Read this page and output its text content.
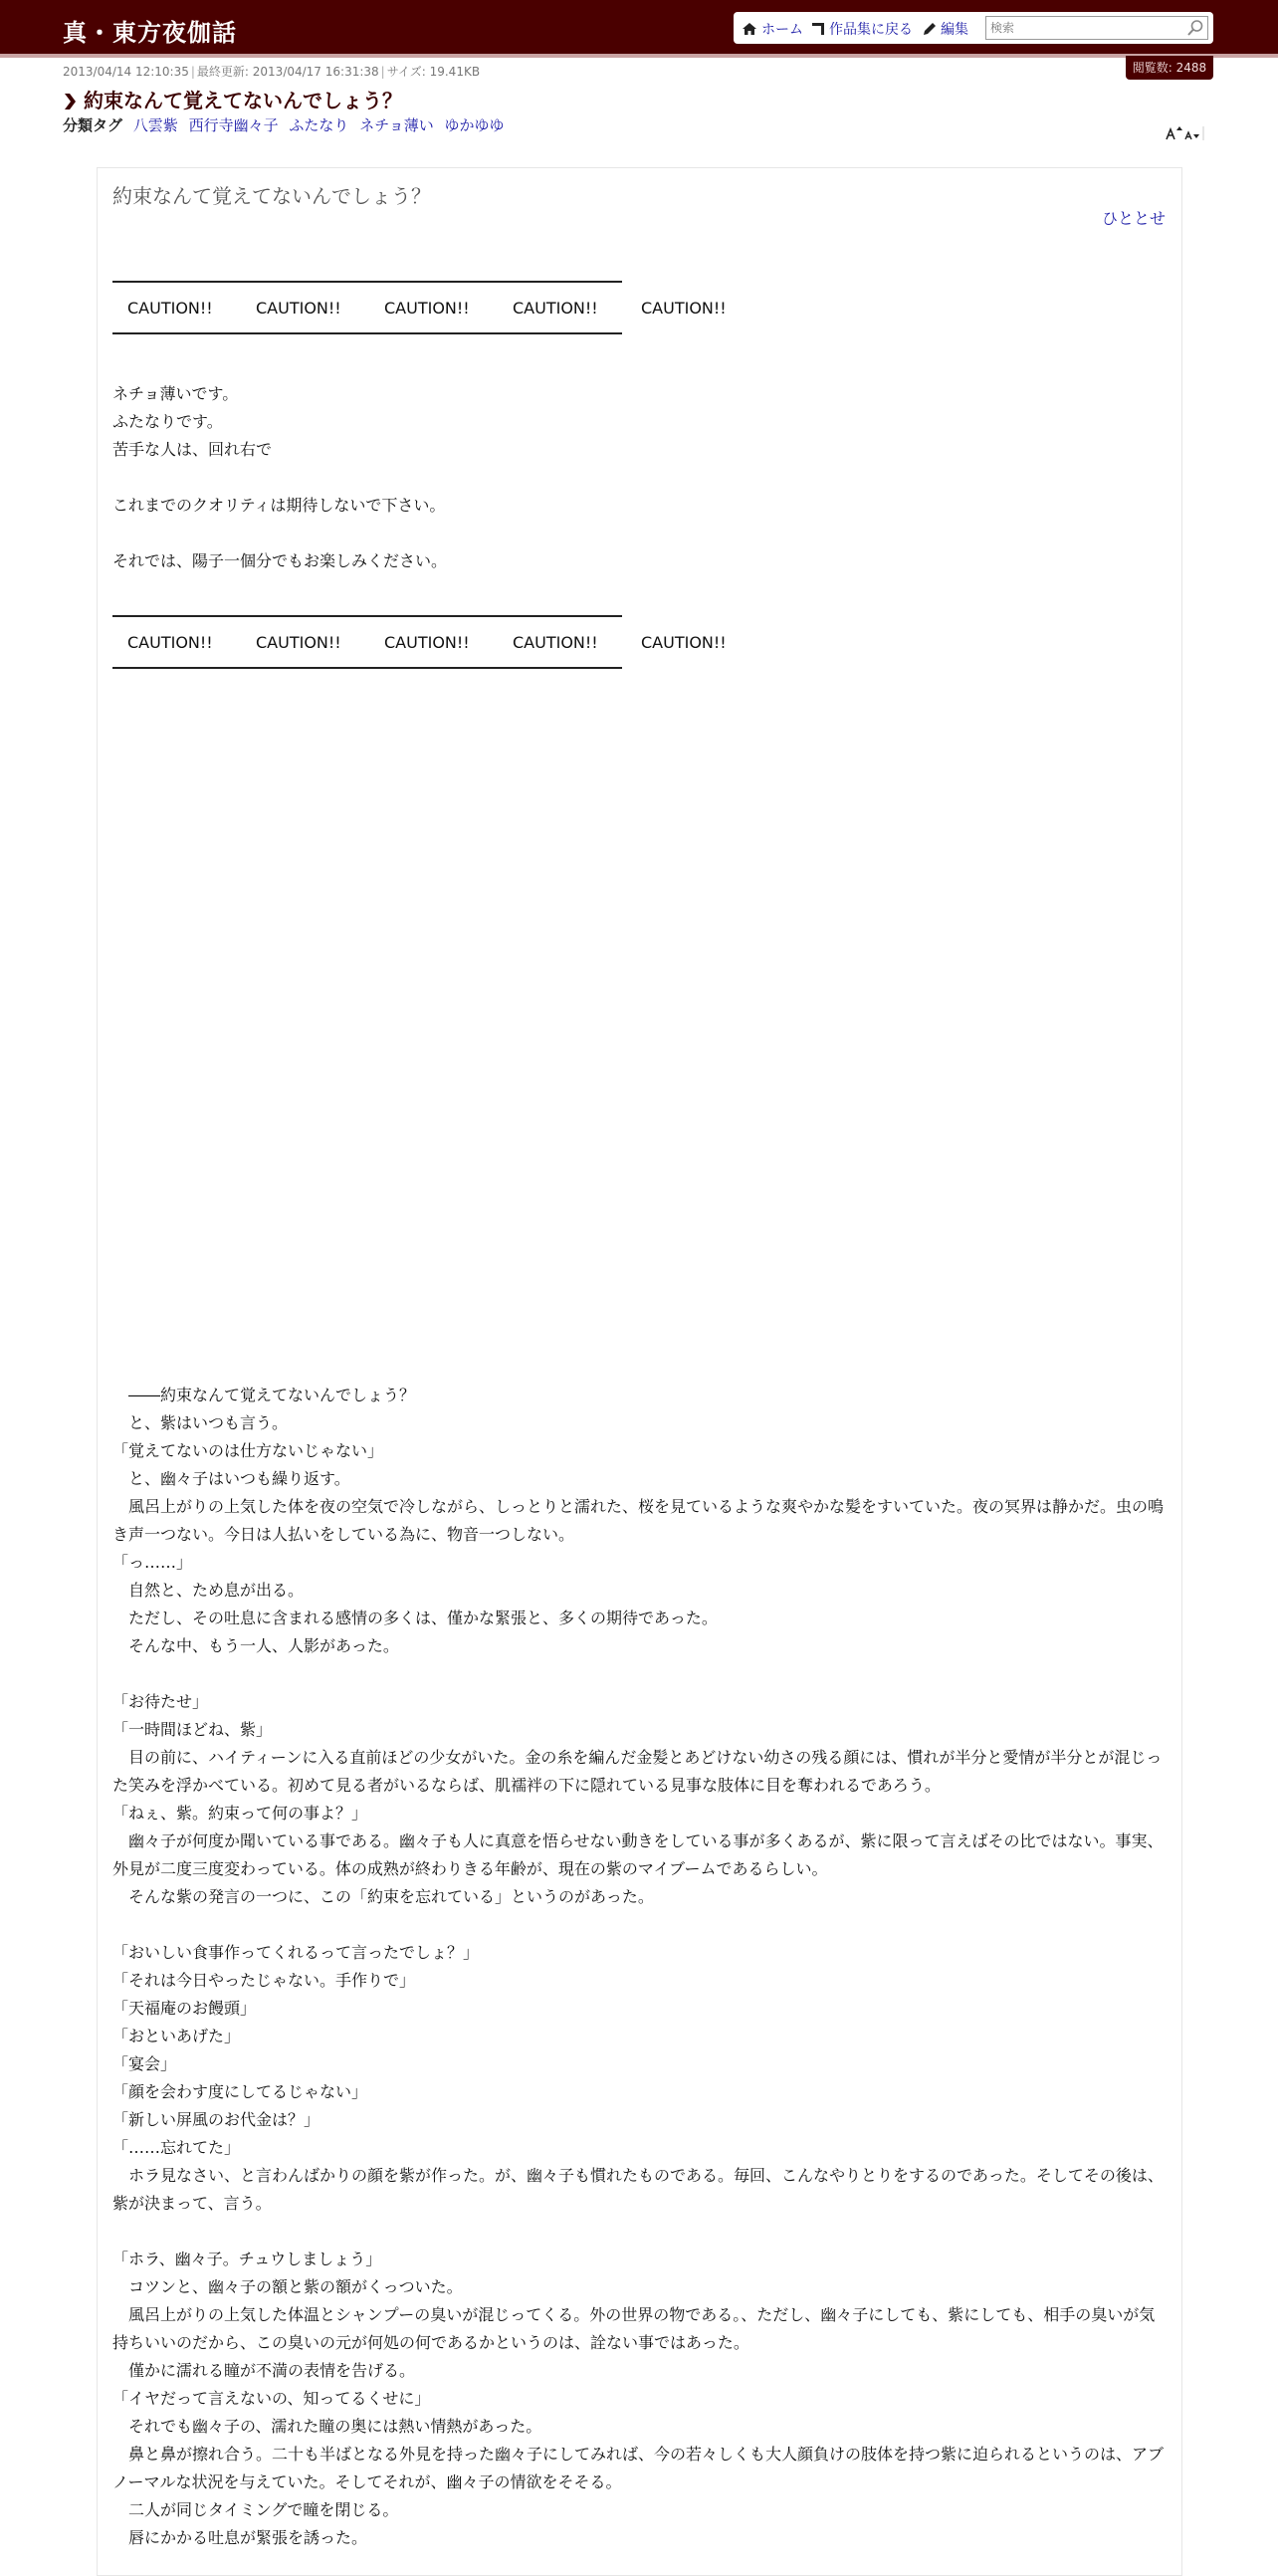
真・東方夜伽話	ホーム	作品集に戻る	編集
検索
閲覧数: 2488
2013/04/14 12:10:35 | 最終更新: 2013/04/17 16:31:38 | サイズ: 19.41KB
約束なんて覚えてないんでしょう？
分類タグ 八雲紫 西行寺幽々子 ふたなり ネチョ薄い ゆかゆゆ
約束なんて覚えてないんでしょう？
ひととせ
CAUTION!!	CAUTION!!	CAUTION!!	CAUTION!!	CAUTION!!
ネチョ薄いです。
ふたなりです。
苦手な人は、回れ右で
これまでのクオリティは期待しないで下さい。
それでは、陽子一個分でもお楽しみください。
CAUTION!!	CAUTION!!	CAUTION!!	CAUTION!!	CAUTION!!
　――約束なんて覚えてないんでしょう？
　と、紫はいつも言う。
「覚えてないのは仕方ないじゃない」
　と、幽々子はいつも繰り返す。
　風呂上がりの上気した体を夜の空気で冷しながら、しっとりと濡れた、桜を見ているような爽やかな髪をすいていた。夜の冥界は静かだ。虫の鳴き声一つない。今日は人払いをしている為に、物音一つしない。
「っ……」
　自然と、ため息が出る。
　ただし、その吐息に含まれる感情の多くは、僅かな緊張と、多くの期待であった。
　そんな中、もう一人、人影があった。
「お待たせ」
「一時間ほどね、紫」
　目の前に、ハイティーンに入る直前ほどの少女がいた。金の糸を編んだ金髪とあどけない幼さの残る顔には、慣れが半分と愛情が半分とが混じった笑みを浮かべている。初めて見る者がいるならば、肌襦袢の下に隠れている見事な肢体に目を奪われるであろう。
「ねぇ、紫。約束って何の事よ？」
　幽々子が何度か聞いている事である。幽々子も人に真意を悟らせない動きをしている事が多くあるが、紫に限って言えばその比ではない。事実、外見が二度三度変わっている。体の成熟が終わりきる年齢が、現在の紫のマイブームであるらしい。
　そんな紫の発言の一つに、この「約束を忘れている」というのがあった。
「おいしい食事作ってくれるって言ったでしょ？」
「それは今日やったじゃない。手作りで」
「天福庵のお饅頭」
「おといあげた」
「宴会」
「顔を会わす度にしてるじゃない」
「新しい屏風のお代金は？」
「……忘れてた」
　ホラ見なさい、と言わんばかりの顔を紫が作った。が、幽々子も慣れたものである。毎回、こんなやりとりをするのであった。そしてその後は、紫が決まって、言う。
「ホラ、幽々子。チュウしましょう」
　コツンと、幽々子の額と紫の額がくっついた。
　風呂上がりの上気した体温とシャンプーの臭いが混じってくる。外の世界の物である。、ただし、幽々子にしても、紫にしても、相手の臭いが気持ちいいのだから、この臭いの元が何処の何であるかというのは、詮ない事ではあった。
　僅かに濡れる瞳が不満の表情を告げる。
「イヤだって言えないの、知ってるくせに」
　それでも幽々子の、濡れた瞳の奥には熱い情熱があった。
　鼻と鼻が擦れ合う。二十も半ばとなる外見を持った幽々子にしてみれば、今の若々しくも大人顔負けの肢体を持つ紫に迫られるというのは、アブノーマルな状況を与えていた。そしてそれが、幽々子の情欲をそそる。
　二人が同じタイミングで瞳を閉じる。
　唇にかかる吐息が緊張を誘った。
